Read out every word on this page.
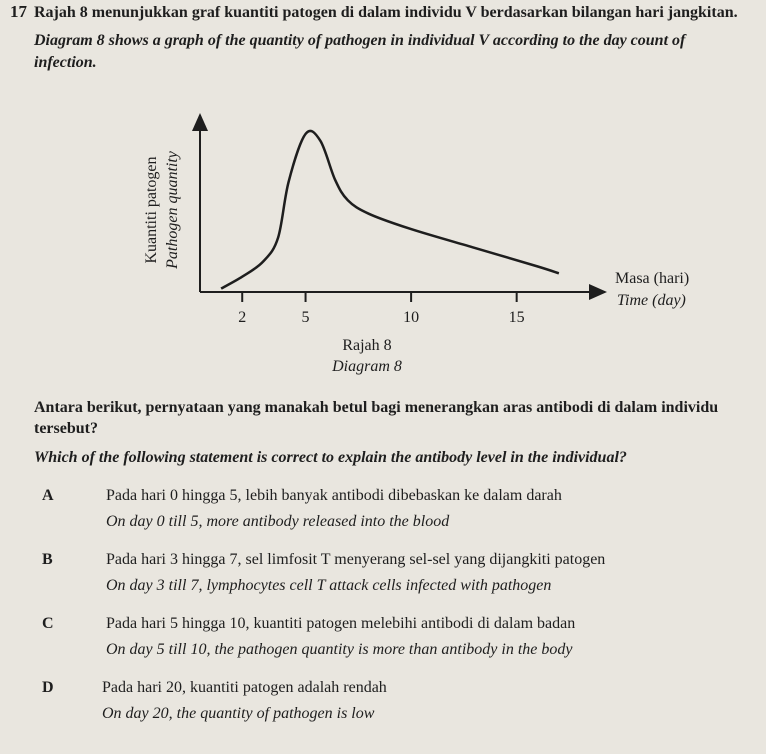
17 Rajah 8 menunjukkan graf kuantiti patogen di dalam individu V berdasarkan bilangan hari jangkitan.
Diagram 8 shows a graph of the quantity of pathogen in individual V according to the day count of infection.
Kuantiti patogen Pathogen quantity
2	5	10	15
Masa (hari)
Time (day)
Rajah 8
Diagram 8
Antara berikut, pernyataan yang manakah betul bagi menerangkan aras antibodi di dalam individu tersebut?
Which of the following statement is correct to explain the antibody level in the individual?
A	Pada hari 0 hingga 5, lebih banyak antibodi dibebaskan ke dalam darah
On day 0 till 5, more antibody released into the blood
B	Pada hari 3 hingga 7, sel limfosit T menyerang sel-sel yang dijangkiti patogen
On day 3 till 7, lymphocytes cell T attack cells infected with pathogen
C	Pada hari 5 hingga 10, kuantiti patogen melebihi antibodi di dalam badan
On day 5 till 10, the pathogen quantity is more than antibody in the body
D	Pada hari 20, kuantiti patogen adalah rendah
On day 20, the quantity of pathogen is low
